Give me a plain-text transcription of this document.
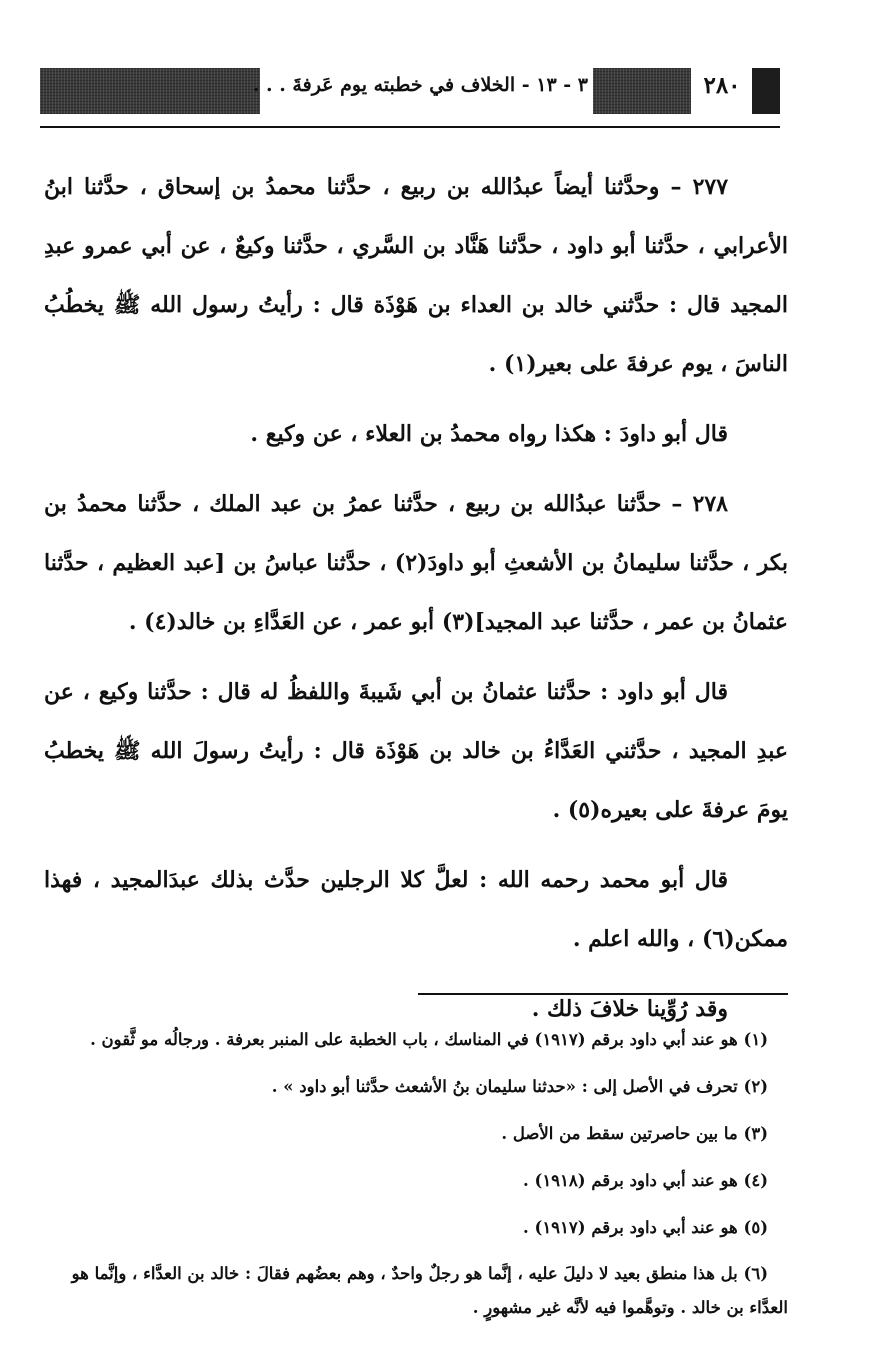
٣ - ١٣ - الخلاف في خطبته يوم عَرفةَ . . .	٢٨٠

٢٧٧ – وحدَّثنا أيضاً عبدُالله بن ربيع ، حدَّثنا محمدُ بن إسحاق ، حدَّثنا ابنُ الأعرابي ، حدَّثنا أبو داود ، حدَّثنا هَنَّاد بن السَّري ، حدَّثنا وكيعٌ ، عن أبي عمرو عبدِ المجيد قال : حدَّثني خالد بن العداء بن هَوْذَة قال : رأيتُ رسول الله ﷺ يخطُبُ الناسَ ، يوم عرفةَ على بعير(١) .

قال أبو داودَ : هكذا رواه محمدُ بن العلاء ، عن وكيع .

٢٧٨ – حدَّثنا عبدُالله بن ربيع ، حدَّثنا عمرُ بن عبد الملك ، حدَّثنا محمدُ بن بكر ، حدَّثنا سليمانُ بن الأشعثِ أبو داودَ(٢) ، حدَّثنا عباسُ بن [عبد العظيم ، حدَّثنا عثمانُ بن عمر ، حدَّثنا عبد المجيد](٣) أبو عمر ، عن العَدَّاءِ بن خالد(٤) .

قال أبو داود : حدَّثنا عثمانُ بن أبي شَيبةَ واللفظُ له قال : حدَّثنا وكيع ، عن عبدِ المجيد ، حدَّثني العَدَّاءُ بن خالد بن هَوْذَة قال : رأيتُ رسولَ الله ﷺ يخطبُ يومَ عرفةَ على بعيره(٥) .

قال أبو محمد رحمه الله : لعلَّ كلا الرجلين حدَّث بذلك عبدَالمجيد ، فهذا ممكن(٦) ، والله اعلم .

وقد رُوِّينا خلافَ ذلك .

(١) هو عند أبي داود برقم (١٩١٧) في المناسك ، باب الخطبة على المنبر بعرفة . ورجالُه مو ثَّقون .

(٢) تحرف في الأصل إلى : «حدثنا سليمان بنُ الأشعث حدَّثنا أبو داود » .

(٣) ما بين حاصرتين سقط من الأصل .

(٤) هو عند أبي داود برقم (١٩١٨) .

(٥) هو عند أبي داود برقم (١٩١٧) .

(٦) بل هذا منطق بعيد لا دليلَ عليه ، إنَّما هو رجلٌ واحدٌ ، وهم بعضُهم فقالَ : خالد بن العدَّاء ، وإنَّما هو العدَّاء بن خالد . وتوهَّموا فيه لأنَّه غير مشهورٍ .
